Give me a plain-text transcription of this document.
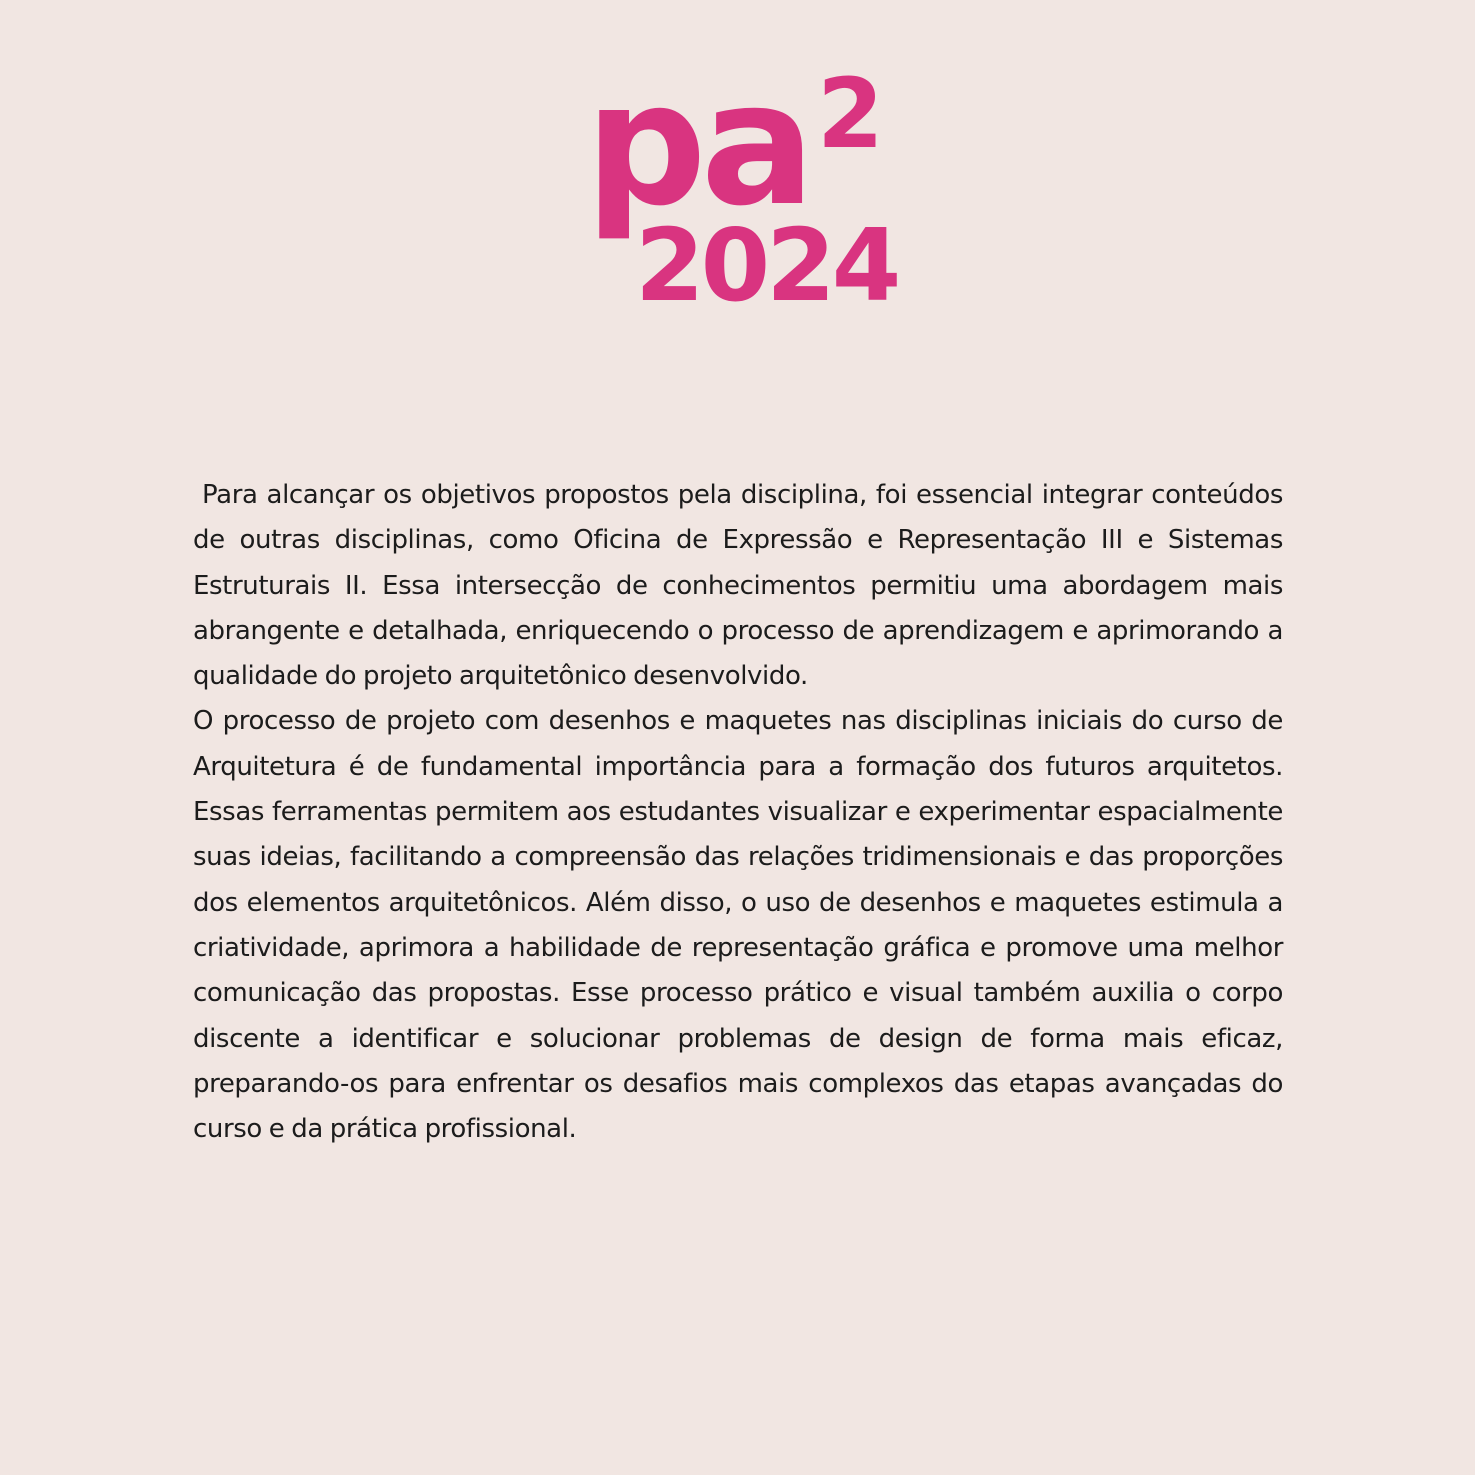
pa 2
2024

Para alcançar os objetivos propostos pela disciplina, foi essencial integrar conteúdos de outras disciplinas, como Oficina de Expressão e Representação III e Sistemas Estruturais II. Essa intersecção de conhecimentos permitiu uma abordagem mais abrangente e detalhada, enriquecendo o processo de aprendizagem e aprimorando a qualidade do projeto arquitetônico desenvolvido.

O processo de projeto com desenhos e maquetes nas disciplinas iniciais do curso de Arquitetura é de fundamental importância para a formação dos futuros arquitetos. Essas ferramentas permitem aos estudantes visualizar e experimentar espacialmente suas ideias, facilitando a compreensão das relações tridimensionais e das proporções dos elementos arquitetônicos. Além disso, o uso de desenhos e maquetes estimula a criatividade, aprimora a habilidade de representação gráfica e promove uma melhor comunicação das propostas. Esse processo prático e visual também auxilia o corpo discente a identificar e solucionar problemas de design de forma mais eficaz, preparando-os para enfrentar os desafios mais complexos das etapas avançadas do curso e da prática profissional.
